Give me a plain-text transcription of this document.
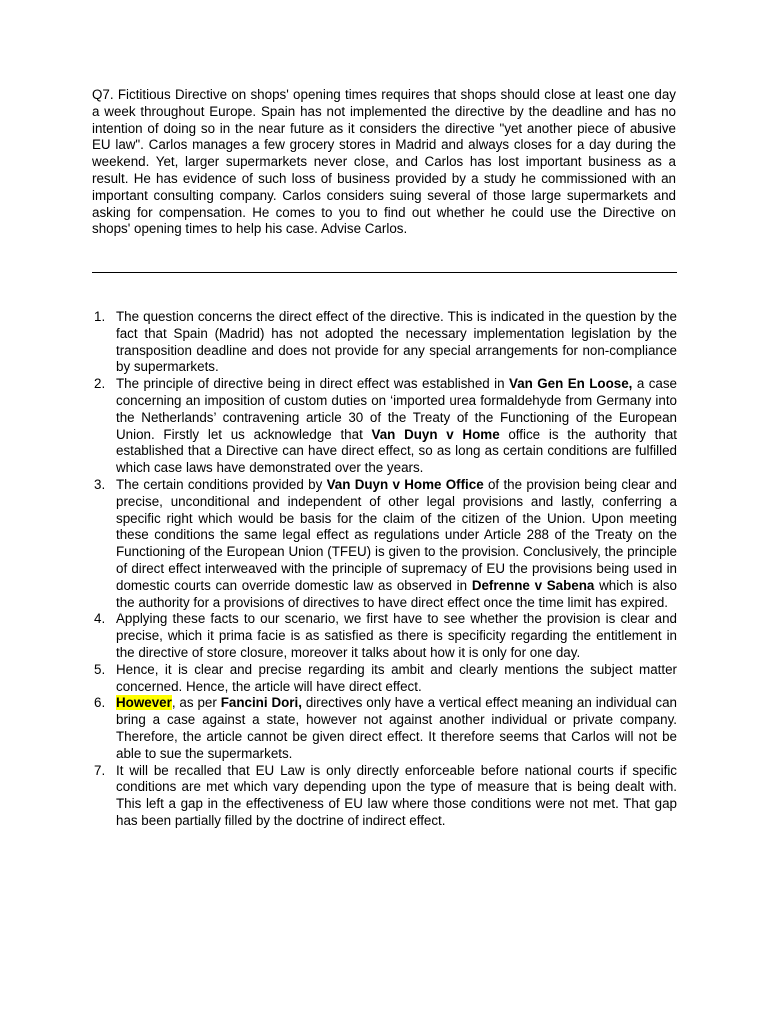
Q7. Fictitious Directive on shops' opening times requires that shops should close at least one day a week throughout Europe. Spain has not implemented the directive by the deadline and has no intention of doing so in the near future as it considers the directive "yet another piece of abusive EU law". Carlos manages a few grocery stores in Madrid and always closes for a day during the weekend. Yet, larger supermarkets never close, and Carlos has lost important business as a result. He has evidence of such loss of business provided by a study he commissioned with an important consulting company. Carlos considers suing several of those large supermarkets and asking for compensation. He comes to you to find out whether he could use the Directive on shops' opening times to help his case. Advise Carlos.

1. The question concerns the direct effect of the directive. This is indicated in the question by the fact that Spain (Madrid) has not adopted the necessary implementation legislation by the transposition deadline and does not provide for any special arrangements for non-compliance by supermarkets.
2. The principle of directive being in direct effect was established in Van Gen En Loose, a case concerning an imposition of custom duties on ‘imported urea formaldehyde from Germany into the Netherlands’ contravening article 30 of the Treaty of the Functioning of the European Union. Firstly let us acknowledge that Van Duyn v Home office is the authority that established that a Directive can have direct effect, so as long as certain conditions are fulfilled which case laws have demonstrated over the years.
3. The certain conditions provided by Van Duyn v Home Office of the provision being clear and precise, unconditional and independent of other legal provisions and lastly, conferring a specific right which would be basis for the claim of the citizen of the Union. Upon meeting these conditions the same legal effect as regulations under Article 288 of the Treaty on the Functioning of the European Union (TFEU) is given to the provision. Conclusively, the principle of direct effect interweaved with the principle of supremacy of EU the provisions being used in domestic courts can override domestic law as observed in Defrenne v Sabena which is also the authority for a provisions of directives to have direct effect once the time limit has expired.
4. Applying these facts to our scenario, we first have to see whether the provision is clear and precise, which it prima facie is as satisfied as there is specificity regarding the entitlement in the directive of store closure, moreover it talks about how it is only for one day.
5. Hence, it is clear and precise regarding its ambit and clearly mentions the subject matter concerned. Hence, the article will have direct effect.
6. However, as per Fancini Dori, directives only have a vertical effect meaning an individual can bring a case against a state, however not against another individual or private company. Therefore, the article cannot be given direct effect. It therefore seems that Carlos will not be able to sue the supermarkets.
7. It will be recalled that EU Law is only directly enforceable before national courts if specific conditions are met which vary depending upon the type of measure that is being dealt with. This left a gap in the effectiveness of EU law where those conditions were not met. That gap has been partially filled by the doctrine of indirect effect.
